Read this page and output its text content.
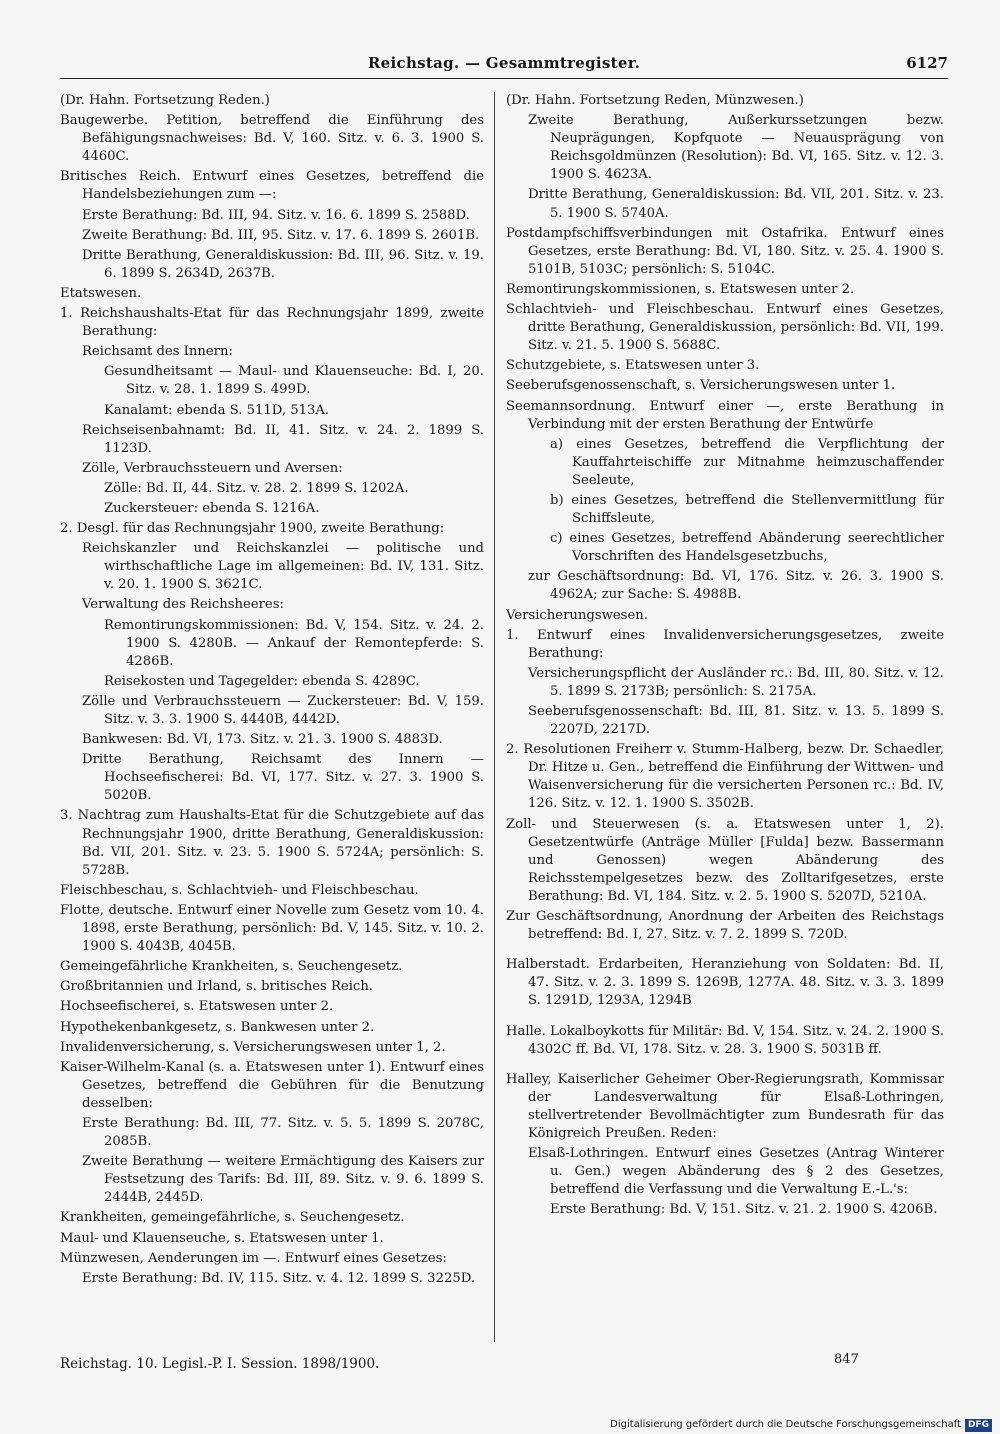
Reichstag. — Gesammtregister.	6127

(Dr. Hahn. Fortsetzung Reden.)

Baugewerbe. Petition, betreffend die Einführung des Befähigungsnachweises: Bd. V, 160. Sitz. v. 6. 3. 1900 S. 4460C.

Britisches Reich. Entwurf eines Gesetzes, betreffend die Handelsbeziehungen zum —:

Erste Berathung: Bd. III, 94. Sitz. v. 16. 6. 1899 S. 2588D.

Zweite Berathung: Bd. III, 95. Sitz. v. 17. 6. 1899 S. 2601B.

Dritte Berathung, Generaldiskussion: Bd. III, 96. Sitz. v. 19. 6. 1899 S. 2634D, 2637B.

Etatswesen.

1. Reichshaushalts-Etat für das Rechnungsjahr 1899, zweite Berathung:

Reichsamt des Innern:

Gesundheitsamt — Maul- und Klauenseuche: Bd. I, 20. Sitz. v. 28. 1. 1899 S. 499D.

Kanalamt: ebenda S. 511D, 513A.

Reichseisenbahnamt: Bd. II, 41. Sitz. v. 24. 2. 1899 S. 1123D.

Zölle, Verbrauchssteuern und Aversen:

Zölle: Bd. II, 44. Sitz. v. 28. 2. 1899 S. 1202A.

Zuckersteuer: ebenda S. 1216A.

2. Desgl. für das Rechnungsjahr 1900, zweite Berathung:

Reichskanzler und Reichskanzlei — politische und wirthschaftliche Lage im allgemeinen: Bd. IV, 131. Sitz. v. 20. 1. 1900 S. 3621C.

Verwaltung des Reichsheeres:

Remontirungskommissionen: Bd. V, 154. Sitz. v. 24. 2. 1900 S. 4280B. — Ankauf der Remontepferde: S. 4286B.

Reisekosten und Tagegelder: ebenda S. 4289C.

Zölle und Verbrauchssteuern — Zuckersteuer: Bd. V, 159. Sitz. v. 3. 3. 1900 S. 4440B, 4442D.

Bankwesen: Bd. VI, 173. Sitz. v. 21. 3. 1900 S. 4883D.

Dritte Berathung, Reichsamt des Innern — Hochseefischerei: Bd. VI, 177. Sitz. v. 27. 3. 1900 S. 5020B.

3. Nachtrag zum Haushalts-Etat für die Schutzgebiete auf das Rechnungsjahr 1900, dritte Berathung, Generaldiskussion: Bd. VII, 201. Sitz. v. 23. 5. 1900 S. 5724A; persönlich: S. 5728B.

Fleischbeschau, s. Schlachtvieh- und Fleischbeschau.

Flotte, deutsche. Entwurf einer Novelle zum Gesetz vom 10. 4. 1898, erste Berathung, persönlich: Bd. V, 145. Sitz. v. 10. 2. 1900 S. 4043B, 4045B.

Gemeingefährliche Krankheiten, s. Seuchengesetz.

Großbritannien und Irland, s. britisches Reich.

Hochseefischerei, s. Etatswesen unter 2.

Hypothekenbankgesetz, s. Bankwesen unter 2.

Invalidenversicherung, s. Versicherungswesen unter 1, 2.

Kaiser-Wilhelm-Kanal (s. a. Etatswesen unter 1). Entwurf eines Gesetzes, betreffend die Gebühren für die Benutzung desselben:

Erste Berathung: Bd. III, 77. Sitz. v. 5. 5. 1899 S. 2078C, 2085B.

Zweite Berathung — weitere Ermächtigung des Kaisers zur Festsetzung des Tarifs: Bd. III, 89. Sitz. v. 9. 6. 1899 S. 2444B, 2445D.

Krankheiten, gemeingefährliche, s. Seuchengesetz.

Maul- und Klauenseuche, s. Etatswesen unter 1.

Münzwesen, Aenderungen im —. Entwurf eines Gesetzes:

Erste Berathung: Bd. IV, 115. Sitz. v. 4. 12. 1899 S. 3225D.

(Dr. Hahn. Fortsetzung Reden, Münzwesen.)

Zweite Berathung, Außerkurssetzungen bezw. Neuprägungen, Kopfquote — Neuausprägung von Reichsgoldmünzen (Resolution): Bd. VI, 165. Sitz. v. 12. 3. 1900 S. 4623A.

Dritte Berathung, Generaldiskussion: Bd. VII, 201. Sitz. v. 23. 5. 1900 S. 5740A.

Postdampfschiffsverbindungen mit Ostafrika. Entwurf eines Gesetzes, erste Berathung: Bd. VI, 180. Sitz. v. 25. 4. 1900 S. 5101B, 5103C; persönlich: S. 5104C.

Remontirungskommissionen, s. Etatswesen unter 2.

Schlachtvieh- und Fleischbeschau. Entwurf eines Gesetzes, dritte Berathung, Generaldiskussion, persönlich: Bd. VII, 199. Sitz. v. 21. 5. 1900 S. 5688C.

Schutzgebiete, s. Etatswesen unter 3.

Seeberufsgenossenschaft, s. Versicherungswesen unter 1.

Seemannsordnung. Entwurf einer —, erste Berathung in Verbindung mit der ersten Berathung der Entwürfe

a) eines Gesetzes, betreffend die Verpflichtung der Kauffahrteischiffe zur Mitnahme heimzuschaffender Seeleute,

b) eines Gesetzes, betreffend die Stellenvermittlung für Schiffsleute,

c) eines Gesetzes, betreffend Abänderung seerechtlicher Vorschriften des Handelsgesetzbuchs,

zur Geschäftsordnung: Bd. VI, 176. Sitz. v. 26. 3. 1900 S. 4962A; zur Sache: S. 4988B.

Versicherungswesen.

1. Entwurf eines Invalidenversicherungsgesetzes, zweite Berathung:

Versicherungspflicht der Ausländer rc.: Bd. III, 80. Sitz. v. 12. 5. 1899 S. 2173B; persönlich: S. 2175A.

Seeberufsgenossenschaft: Bd. III, 81. Sitz. v. 13. 5. 1899 S. 2207D, 2217D.

2. Resolutionen Freiherr v. Stumm-Halberg, bezw. Dr. Schaedler, Dr. Hitze u. Gen., betreffend die Einführung der Wittwen- und Waisenversicherung für die versicherten Personen rc.: Bd. IV, 126. Sitz. v. 12. 1. 1900 S. 3502B.

Zoll- und Steuerwesen (s. a. Etatswesen unter 1, 2). Gesetzentwürfe (Anträge Müller [Fulda] bezw. Bassermann und Genossen) wegen Abänderung des Reichsstempelgesetzes bezw. des Zolltarifgesetzes, erste Berathung: Bd. VI, 184. Sitz. v. 2. 5. 1900 S. 5207D, 5210A.

Zur Geschäftsordnung, Anordnung der Arbeiten des Reichstags betreffend: Bd. I, 27. Sitz. v. 7. 2. 1899 S. 720D.

Halberstadt. Erdarbeiten, Heranziehung von Soldaten: Bd. II, 47. Sitz. v. 2. 3. 1899 S. 1269B, 1277A. 48. Sitz. v. 3. 3. 1899 S. 1291D, 1293A, 1294B

Halle. Lokalboykotts für Militär: Bd. V, 154. Sitz. v. 24. 2. 1900 S. 4302C ff. Bd. VI, 178. Sitz. v. 28. 3. 1900 S. 5031B ff.

Halley, Kaiserlicher Geheimer Ober-Regierungsrath, Kommissar der Landesverwaltung für Elsaß-Lothringen, stellvertretender Bevollmächtigter zum Bundesrath für das Königreich Preußen. Reden:

Elsaß-Lothringen. Entwurf eines Gesetzes (Antrag Winterer u. Gen.) wegen Abänderung des § 2 des Gesetzes, betreffend die Verfassung und die Verwaltung E.-L.'s:

Erste Berathung: Bd. V, 151. Sitz. v. 21. 2. 1900 S. 4206B.

Reichstag. 10. Legisl.-P. I. Session. 1898/1900.	847
Digitalisierung gefördert durch die Deutsche Forschungsgemeinschaft DFG
